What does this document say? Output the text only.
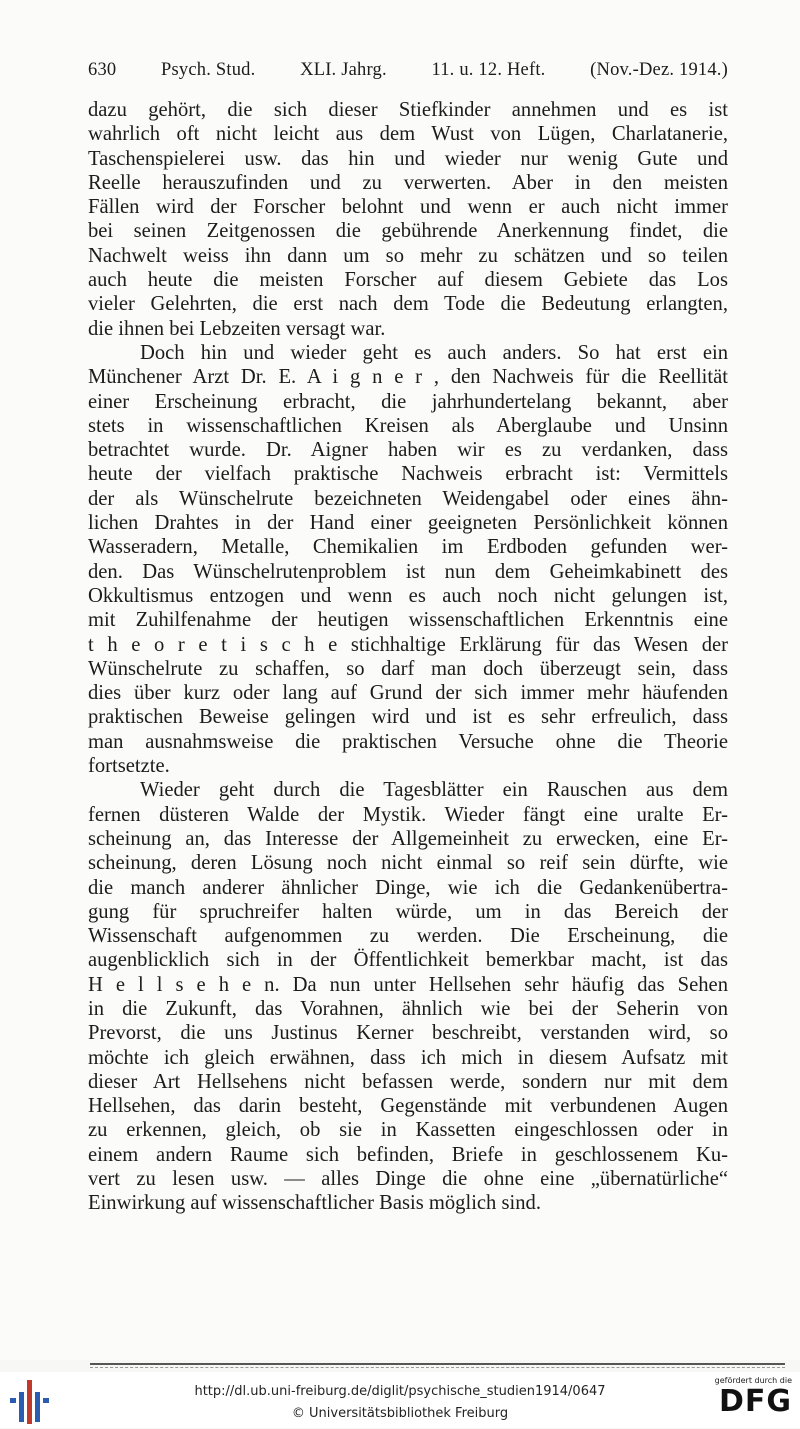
630 Psych. Stud. XLI. Jahrg. 11. u. 12. Heft. (Nov.-Dez. 1914.)
dazu gehört, die sich dieser Stiefkinder annehmen und es ist
wahrlich oft nicht leicht aus dem Wust von Lügen, Charlatanerie,
Taschenspielerei usw. das hin und wieder nur wenig Gute und
Reelle herauszufinden und zu verwerten. Aber in den meisten
Fällen wird der Forscher belohnt und wenn er auch nicht immer
bei seinen Zeitgenossen die gebührende Anerkennung findet, die
Nachwelt weiss ihn dann um so mehr zu schätzen und so teilen
auch heute die meisten Forscher auf diesem Gebiete das Los
vieler Gelehrten, die erst nach dem Tode die Bedeutung erlangten,
die ihnen bei Lebzeiten versagt war.
Doch hin und wieder geht es auch anders. So hat erst ein
Münchener Arzt Dr. E. A i g n e r , den Nachweis für die Reellität
einer Erscheinung erbracht, die jahrhundertelang bekannt, aber
stets in wissenschaftlichen Kreisen als Aberglaube und Unsinn
betrachtet wurde. Dr. Aigner haben wir es zu verdanken, dass
heute der vielfach praktische Nachweis erbracht ist: Vermittels
der als Wünschelrute bezeichneten Weidengabel oder eines ähn-
lichen Drahtes in der Hand einer geeigneten Persönlichkeit können
Wasseradern, Metalle, Chemikalien im Erdboden gefunden wer-
den. Das Wünschelrutenproblem ist nun dem Geheimkabinett des
Okkultismus entzogen und wenn es auch noch nicht gelungen ist,
mit Zuhilfenahme der heutigen wissenschaftlichen Erkenntnis eine
t h e o r e t i s c h e stichhaltige Erklärung für das Wesen der
Wünschelrute zu schaffen, so darf man doch überzeugt sein, dass
dies über kurz oder lang auf Grund der sich immer mehr häufenden
praktischen Beweise gelingen wird und ist es sehr erfreulich, dass
man ausnahmsweise die praktischen Versuche ohne die Theorie
fortsetzte.
Wieder geht durch die Tagesblätter ein Rauschen aus dem
fernen düsteren Walde der Mystik. Wieder fängt eine uralte Er-
scheinung an, das Interesse der Allgemeinheit zu erwecken, eine Er-
scheinung, deren Lösung noch nicht einmal so reif sein dürfte, wie
die manch anderer ähnlicher Dinge, wie ich die Gedankenübertra-
gung für spruchreifer halten würde, um in das Bereich der
Wissenschaft aufgenommen zu werden. Die Erscheinung, die
augenblicklich sich in der Öffentlichkeit bemerkbar macht, ist das
H e l l s e h e n. Da nun unter Hellsehen sehr häufig das Sehen
in die Zukunft, das Vorahnen, ähnlich wie bei der Seherin von
Prevorst, die uns Justinus Kerner beschreibt, verstanden wird, so
möchte ich gleich erwähnen, dass ich mich in diesem Aufsatz mit
dieser Art Hellsehens nicht befassen werde, sondern nur mit dem
Hellsehen, das darin besteht, Gegenstände mit verbundenen Augen
zu erkennen, gleich, ob sie in Kassetten eingeschlossen oder in
einem andern Raume sich befinden, Briefe in geschlossenem Ku-
vert zu lesen usw. — alles Dinge die ohne eine „übernatürliche“
Einwirkung auf wissenschaftlicher Basis möglich sind.
http://dl.ub.uni-freiburg.de/diglit/psychische_studien1914/0647
© Universitätsbibliothek Freiburg
gefördert durch die
DFG
